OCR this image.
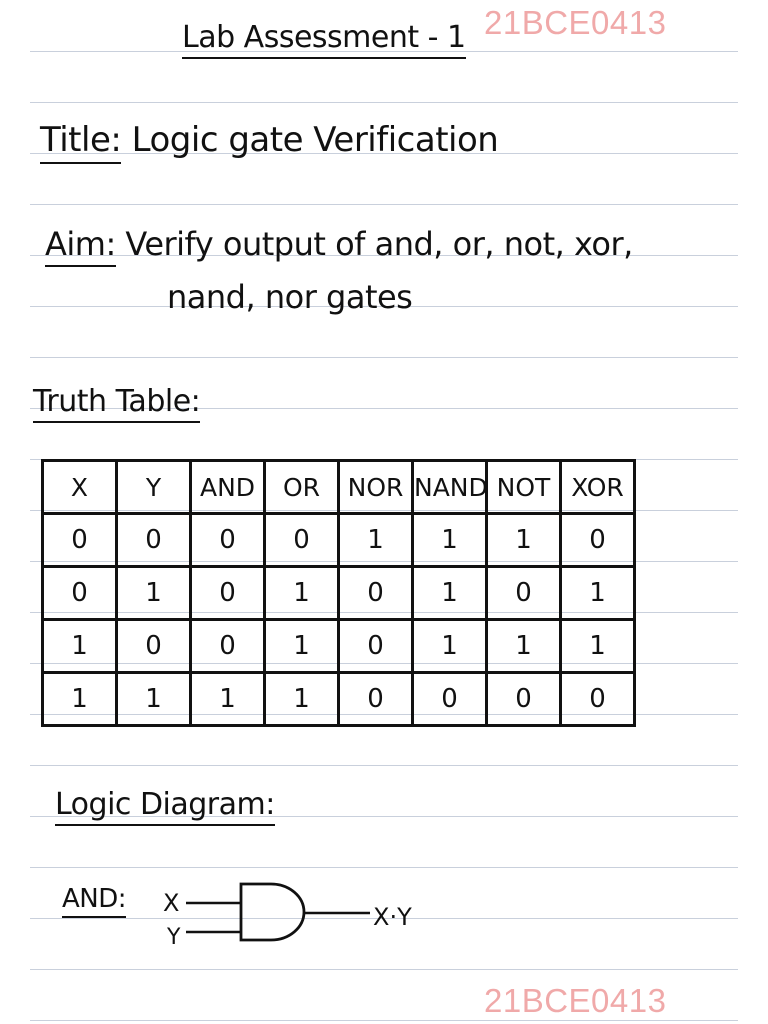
Lab Assessment - 1 21BCE0413
Title: Logic gate Verification
Aim: Verify output of and, or, not, xor,
nand, nor gates
Truth Table:
X	Y	AND	OR	NOR	NAND	NOT	XOR
0	0	0	0	1	1	1	0
0	1	0	1	0	1	0	1
1	0	0	1	0	1	1	1
1	1	1	1	0	0	0	0
Logic Diagram:
AND: X
Y
X·Y
21BCE0413
